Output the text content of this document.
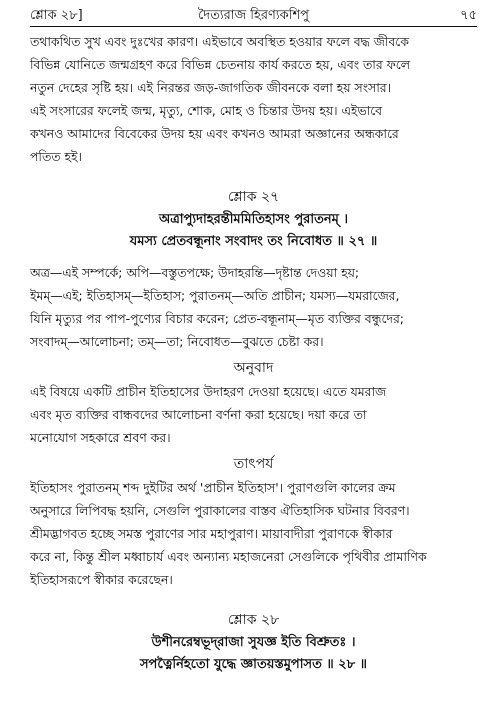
শ্লোক ২৮]	দৈত্যরাজ হিরণ্যকশিপু	৭৫

তথাকথিত সুখ এবং দুঃখের কারণ। এইভাবে অবস্থিত হওয়ার ফলে বদ্ধ জীবকে

বিভিন্ন যোনিতে জন্মগ্রহণ করে বিভিন্ন চেতনায় কার্য করতে হয়, এবং তার ফলে

নতুন দেহের সৃষ্টি হয়। এই নিরন্তর জড়-জাগতিক জীবনকে বলা হয় সংসার।

এই সংসারের ফলেই জন্ম, মৃত্যু, শোক, মোহ ও চিন্তার উদয় হয়। এইভাবে

কখনও আমাদের বিবেকের উদয় হয় এবং কখনও আমরা অজ্ঞানের অন্ধকারে

পতিত হই।

শ্লোক ২৭

অত্রাপ্যুদাহরন্তীমমিতিহাসং পুরাতনম্‌ ।

যমস্য প্রেতবন্ধূনাং সংবাদং তং নিবোধত ॥ ২৭ ॥

অত্র—এই সম্পর্কে; অপি—বস্তুতপক্ষে; উদাহরন্তি—দৃষ্টান্ত দেওয়া হয়;

ইমম্‌—এই; ইতিহাসম্‌—ইতিহাস; পুরাতনম্‌—অতি প্রাচীন; যমস্য—যমরাজের,

যিনি মৃত্যুর পর পাপ-পুণ্যের বিচার করেন; প্রেত-বন্ধূনাম্‌—মৃত ব্যক্তির বন্ধুদের;

সংবাদম্‌—আলোচনা; তম্‌—তা; নিবোধত—বুঝতে চেষ্টা কর।

অনুবাদ

এই বিষয়ে একটি প্রাচীন ইতিহাসের উদাহরণ দেওয়া হয়েছে। এতে যমরাজ

এবং মৃত ব্যক্তির বান্ধবদের আলোচনা বর্ণনা করা হয়েছে। দয়া করে তা

মনোযোগ সহকারে শ্রবণ কর।

তাৎপর্য

ইতিহাসং পুরাতনম্‌ শব্দ দুইটির অর্থ 'প্রাচীন ইতিহাস'। পুরাণগুলি কালের ক্রম

অনুসারে লিপিবদ্ধ হয়নি, সেগুলি পুরাকালের বাস্তব ঐতিহাসিক ঘটনার বিবরণ।

শ্রীমদ্ভাগবত হচ্ছে সমস্ত পুরাণের সার মহাপুরাণ। মায়াবাদীরা পুরাণকে স্বীকার

করে না, কিন্তু শ্রীল মধ্বাচার্য এবং অন্যান্য মহাজনেরা সেগুলিকে পৃথিবীর প্রামাণিক

ইতিহাসরূপে স্বীকার করেছেন।

শ্লোক ২৮

উশীনরেম্বভূদ্‌রাজা সুযজ্ঞ ইতি বিশ্রুতঃ ।

সপত্নৈর্নিহতো যুদ্ধে জ্ঞাতয়স্তমুপাসত ॥ ২৮ ॥
